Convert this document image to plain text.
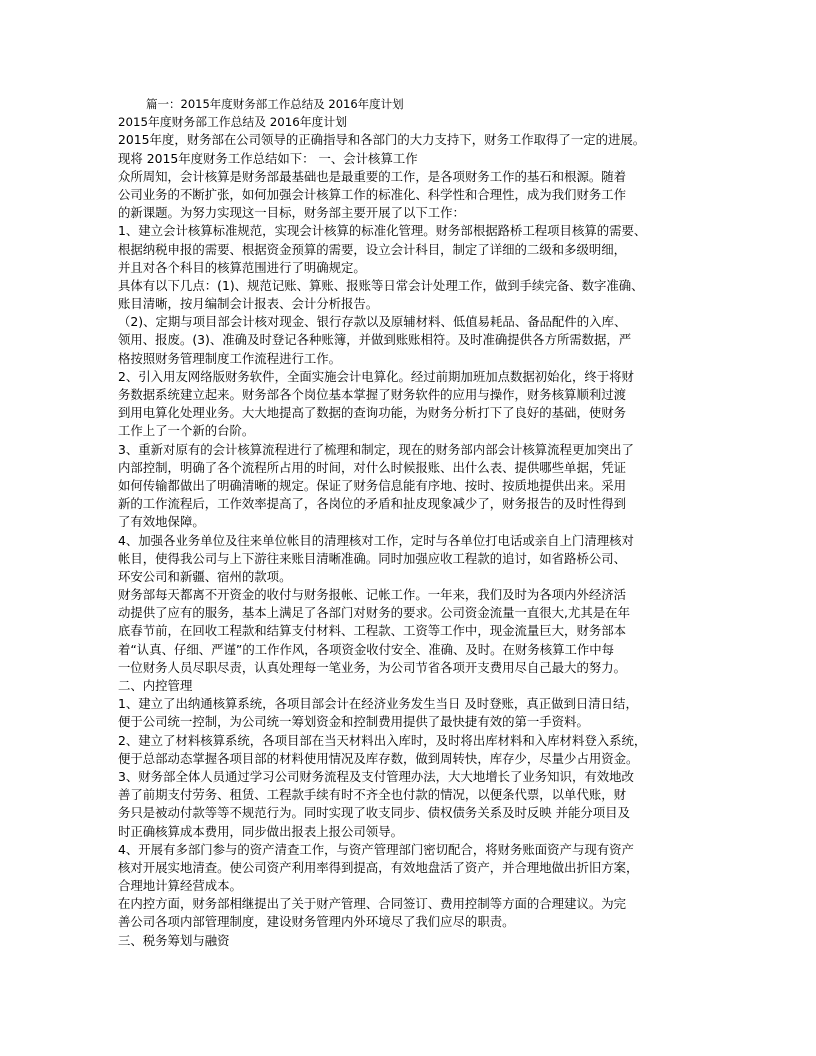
篇一：2015年度财务部工作总结及 2016年度计划
2015年度财务部工作总结及 2016年度计划
2015年度，财务部在公司领导的正确指导和各部门的大力支持下，财务工作取得了一定的进展。
现将 2015年度财务工作总结如下： 一、会计核算工作
众所周知，会计核算是财务部最基础也是最重要的工作，是各项财务工作的基石和根源。随着
公司业务的不断扩张，如何加强会计核算工作的标准化、科学性和合理性，成为我们财务工作
的新课题。为努力实现这一目标，财务部主要开展了以下工作：
1、建立会计核算标准规范，实现会计核算的标准化管理。财务部根据路桥工程项目核算的需要、
根据纳税申报的需要、根据资金预算的需要，设立会计科目，制定了详细的二级和多级明细，
并且对各个科目的核算范围进行了明确规定。
具体有以下几点：(1)、规范记账、算账、报账等日常会计处理工作，做到手续完备、数字准确、
账目清晰，按月编制会计报表、会计分析报告。
（2)、定期与项目部会计核对现金、银行存款以及原辅材料、低值易耗品、备品配件的入库、
领用、报废。(3)、准确及时登记各种账簿，并做到账账相符。及时准确提供各方所需数据，严
格按照财务管理制度工作流程进行工作。
2、引入用友网络版财务软件，全面实施会计电算化。经过前期加班加点数据初始化，终于将财
务数据系统建立起来。财务部各个岗位基本掌握了财务软件的应用与操作，财务核算顺利过渡
到用电算化处理业务。大大地提高了数据的查询功能，为财务分析打下了良好的基础，使财务
工作上了一个新的台阶。
3、重新对原有的会计核算流程进行了梳理和制定，现在的财务部内部会计核算流程更加突出了
内部控制，明确了各个流程所占用的时间，对什么时候报账、出什么表、提供哪些单据，凭证
如何传输都做出了明确清晰的规定。保证了财务信息能有序地、按时、按质地提供出来。采用
新的工作流程后，工作效率提高了，各岗位的矛盾和扯皮现象减少了，财务报告的及时性得到
了有效地保障。
4、加强各业务单位及往来单位帐目的清理核对工作，定时与各单位打电话或亲自上门清理核对
帐目，使得我公司与上下游往来账目清晰准确。同时加强应收工程款的追讨，如省路桥公司、
环安公司和新疆、宿州的款项。
财务部每天都离不开资金的收付与财务报帐、记帐工作。一年来，我们及时为各项内外经济活
动提供了应有的服务，基本上满足了各部门对财务的要求。公司资金流量一直很大,尤其是在年
底春节前，在回收工程款和结算支付材料、工程款、工资等工作中，现金流量巨大，财务部本
着“认真、仔细、严谨”的工作作风，各项资金收付安全、准确、及时。在财务核算工作中每
一位财务人员尽职尽责，认真处理每一笔业务，为公司节省各项开支费用尽自己最大的努力。
二、内控管理
1、建立了出纳通核算系统，各项目部会计在经济业务发生当日 及时登账，真正做到日清日结，
便于公司统一控制，为公司统一筹划资金和控制费用提供了最快捷有效的第一手资料。
2、建立了材料核算系统，各项目部在当天材料出入库时，及时将出库材料和入库材料登入系统，
便于总部动态掌握各项目部的材料使用情况及库存数，做到周转快，库存少，尽量少占用资金。
3、财务部全体人员通过学习公司财务流程及支付管理办法，大大地增长了业务知识，有效地改
善了前期支付劳务、租赁、工程款手续有时不齐全也付款的情况，以便条代票，以单代账，财
务只是被动付款等等不规范行为。同时实现了收支同步、债权债务关系及时反映 并能分项目及
时正确核算成本费用，同步做出报表上报公司领导。
4、开展有多部门参与的资产清查工作，与资产管理部门密切配合，将财务账面资产与现有资产
核对开展实地清查。使公司资产利用率得到提高，有效地盘活了资产，并合理地做出折旧方案，
合理地计算经营成本。
在内控方面，财务部相继提出了关于财产管理、合同签订、费用控制等方面的合理建议。为完
善公司各项内部管理制度，建设财务管理内外环境尽了我们应尽的职责。
三、税务筹划与融资
